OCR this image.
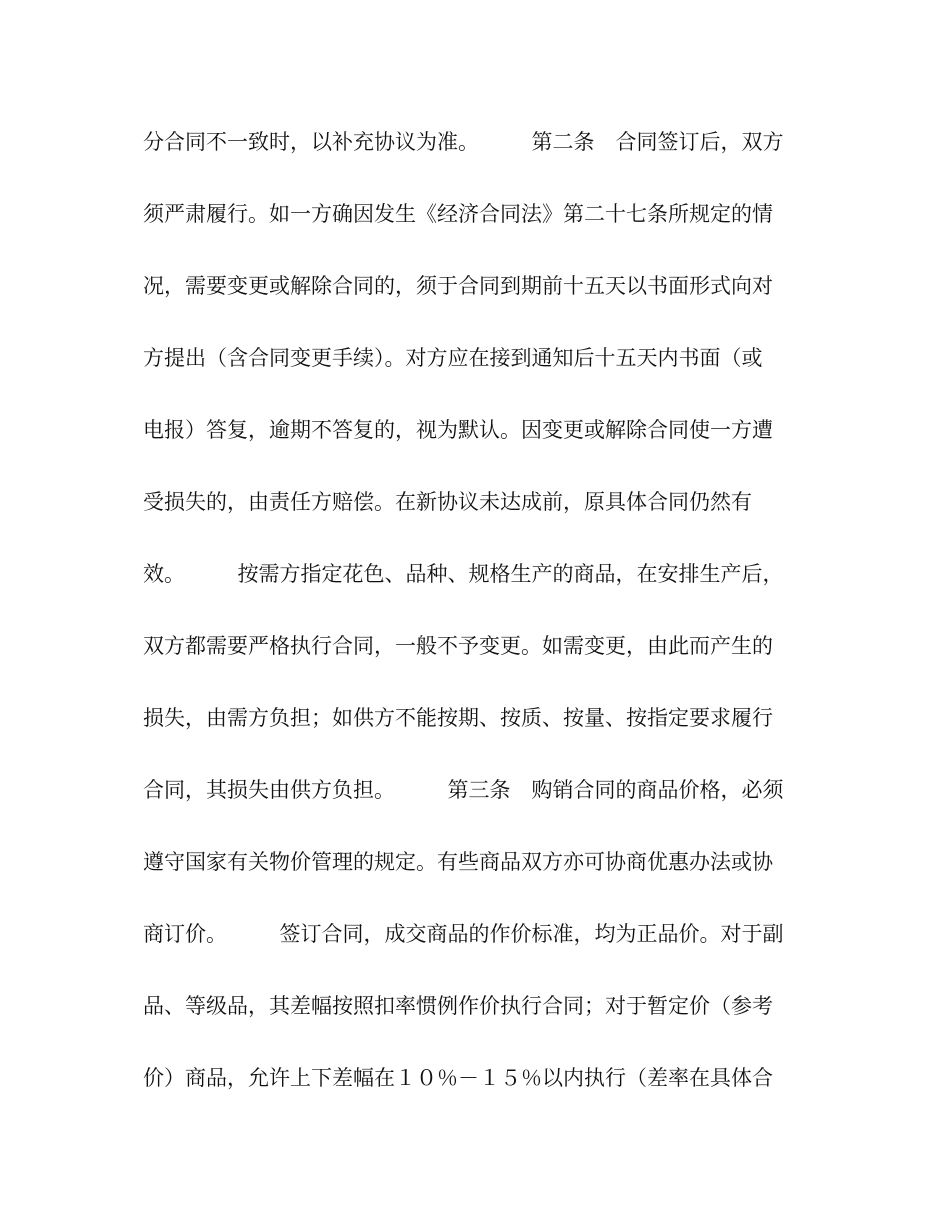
分合同不一致时，以补充协议为准。　　　第二条　合同签订后，双方
须严肃履行。如一方确因发生《经济合同法》第二十七条所规定的情
况，需要变更或解除合同的，须于合同到期前十五天以书面形式向对
方提出（含合同变更手续）。对方应在接到通知后十五天内书面（或
电报）答复，逾期不答复的，视为默认。因变更或解除合同使一方遭
受损失的，由责任方赔偿。在新协议未达成前，原具体合同仍然有
效。　　　按需方指定花色、品种、规格生产的商品，在安排生产后，
双方都需要严格执行合同，一般不予变更。如需变更，由此而产生的
损失，由需方负担；如供方不能按期、按质、按量、按指定要求履行
合同，其损失由供方负担。　　　第三条　购销合同的商品价格，必须
遵守国家有关物价管理的规定。有些商品双方亦可协商优惠办法或协
商订价。　　　签订合同，成交商品的作价标准，均为正品价。对于副
品、等级品，其差幅按照扣率惯例作价执行合同；对于暂定价（参考
价）商品，允许上下差幅在１０％－１５％以内执行（差率在具体合
